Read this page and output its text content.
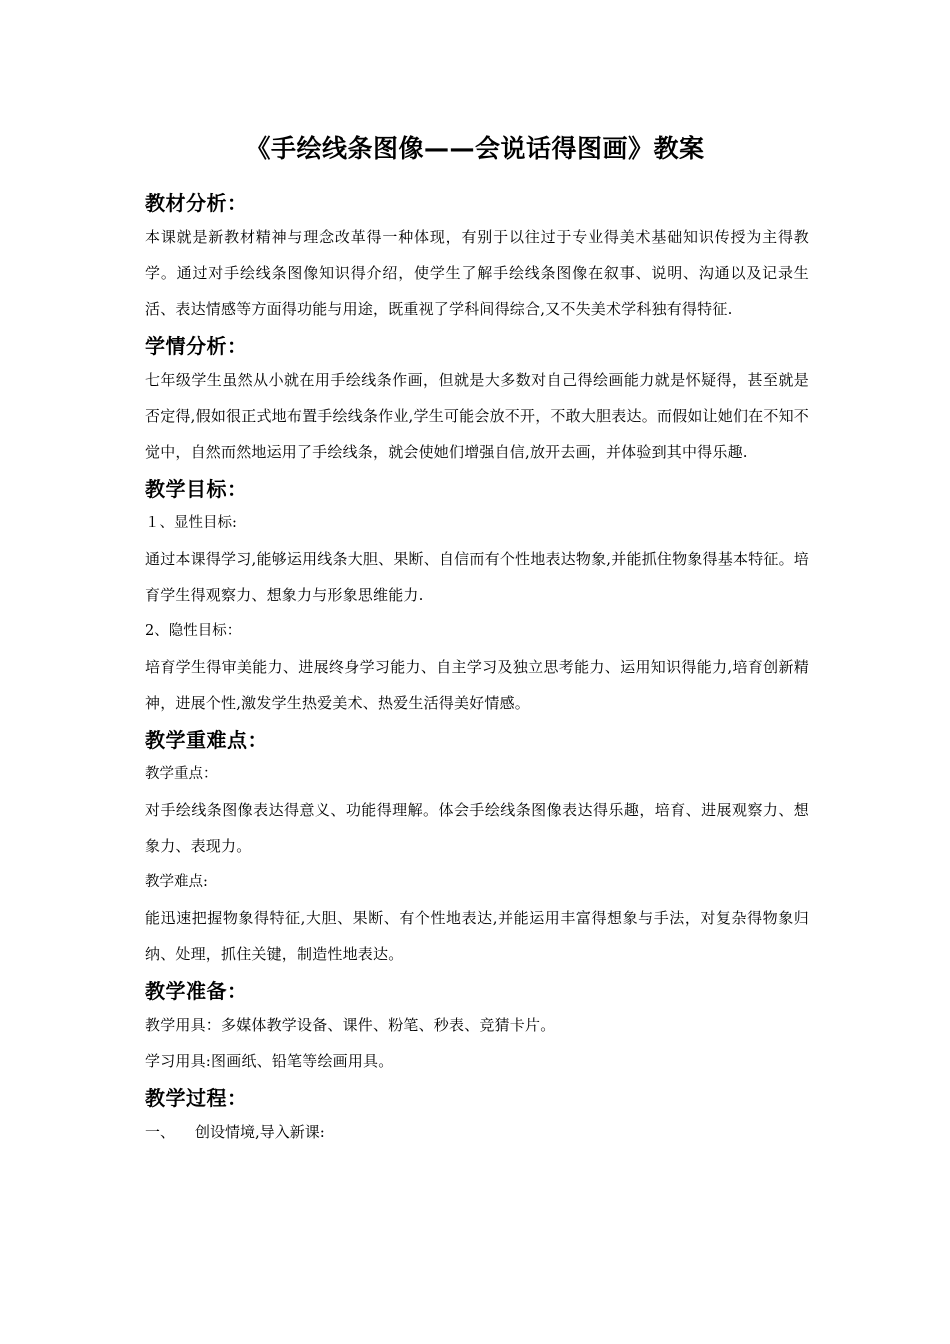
《手绘线条图像——会说话得图画》教案
教材分析：

本课就是新教材精神与理念改革得一种体现，有别于以往过于专业得美术基础知识传授为主得教学。通过对手绘线条图像知识得介绍，使学生了解手绘线条图像在叙事、说明、沟通以及记录生活、表达情感等方面得功能与用途，既重视了学科间得综合,又不失美术学科独有得特征.

学情分析：

七年级学生虽然从小就在用手绘线条作画，但就是大多数对自己得绘画能力就是怀疑得，甚至就是否定得,假如很正式地布置手绘线条作业,学生可能会放不开，不敢大胆表达。而假如让她们在不知不觉中，自然而然地运用了手绘线条，就会使她们增强自信,放开去画，并体验到其中得乐趣.

教学目标：

１、显性目标:

通过本课得学习,能够运用线条大胆、果断、自信而有个性地表达物象,并能抓住物象得基本特征。培育学生得观察力、想象力与形象思维能力.

2、隐性目标：

培育学生得审美能力、进展终身学习能力、自主学习及独立思考能力、运用知识得能力,培育创新精神，进展个性,激发学生热爱美术、热爱生活得美好情感。

教学重难点：

教学重点：

对手绘线条图像表达得意义、功能得理解。体会手绘线条图像表达得乐趣，培育、进展观察力、想象力、表现力。

教学难点:

能迅速把握物象得特征,大胆、果断、有个性地表达,并能运用丰富得想象与手法，对复杂得物象归纳、处理，抓住关键，制造性地表达。

教学准备：

教学用具：多媒体教学设备、课件、粉笔、秒表、竞猜卡片。

学习用具:图画纸、铅笔等绘画用具。

教学过程：

一、 创设情境,导入新课:
